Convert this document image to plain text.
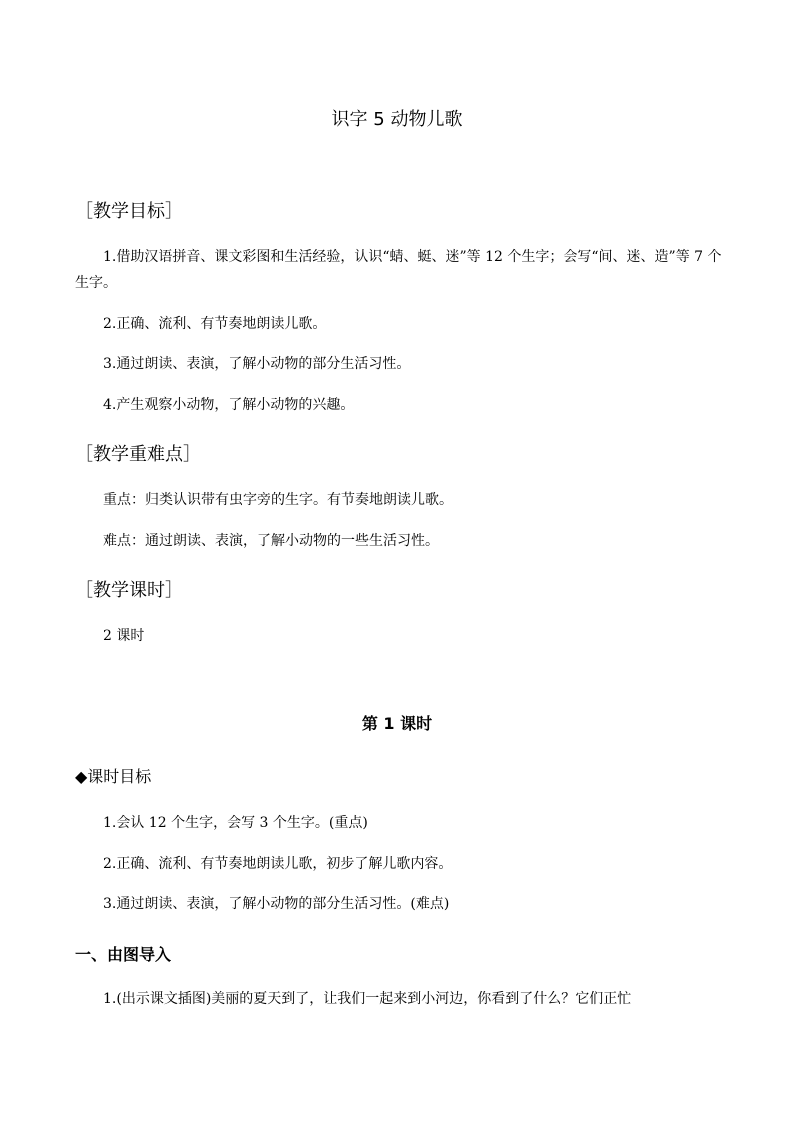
识字 5 动物儿歌
［教学目标］
1.借助汉语拼音、课文彩图和生活经验，认识“蜻、蜓、迷”等 12 个生字；会写“间、迷、造”等 7 个生字。
2.正确、流利、有节奏地朗读儿歌。
3.通过朗读、表演，了解小动物的部分生活习性。
4.产生观察小动物，了解小动物的兴趣。
［教学重难点］
重点：归类认识带有虫字旁的生字。有节奏地朗读儿歌。
难点：通过朗读、表演，了解小动物的一些生活习性。
［教学课时］
2 课时
第 1 课时
◆课时目标
1.会认 12 个生字，会写 3 个生字。(重点)
2.正确、流利、有节奏地朗读儿歌，初步了解儿歌内容。
3.通过朗读、表演，了解小动物的部分生活习性。(难点)
一、由图导入
1.(出示课文插图)美丽的夏天到了，让我们一起来到小河边，你看到了什么？它们正忙
